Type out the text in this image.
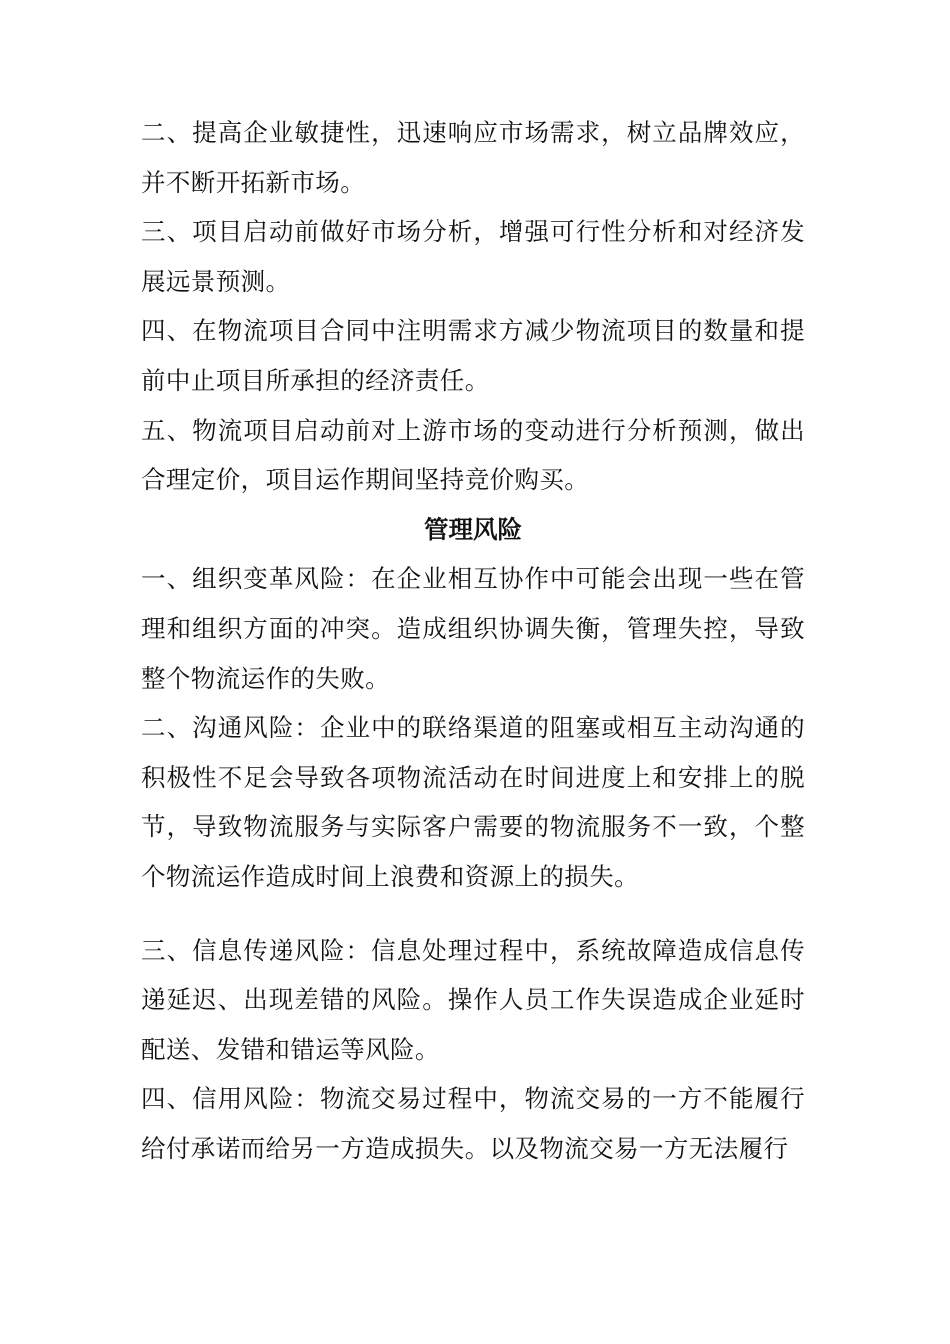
二、提高企业敏捷性，迅速响应市场需求，树立品牌效应，并不断开拓新市场。

三、项目启动前做好市场分析，增强可行性分析和对经济发展远景预测。

四、在物流项目合同中注明需求方减少物流项目的数量和提前中止项目所承担的经济责任。

五、物流项目启动前对上游市场的变动进行分析预测，做出合理定价，项目运作期间坚持竞价购买。

管理风险

一、组织变革风险：在企业相互协作中可能会出现一些在管理和组织方面的冲突。造成组织协调失衡，管理失控，导致整个物流运作的失败。

二、沟通风险：企业中的联络渠道的阻塞或相互主动沟通的积极性不足会导致各项物流活动在时间进度上和安排上的脱节，导致物流服务与实际客户需要的物流服务不一致，个整个物流运作造成时间上浪费和资源上的损失。

三、信息传递风险：信息处理过程中，系统故障造成信息传递延迟、出现差错的风险。操作人员工作失误造成企业延时配送、发错和错运等风险。

四、信用风险：物流交易过程中，物流交易的一方不能履行给付承诺而给另一方造成损失。以及物流交易一方无法履行
